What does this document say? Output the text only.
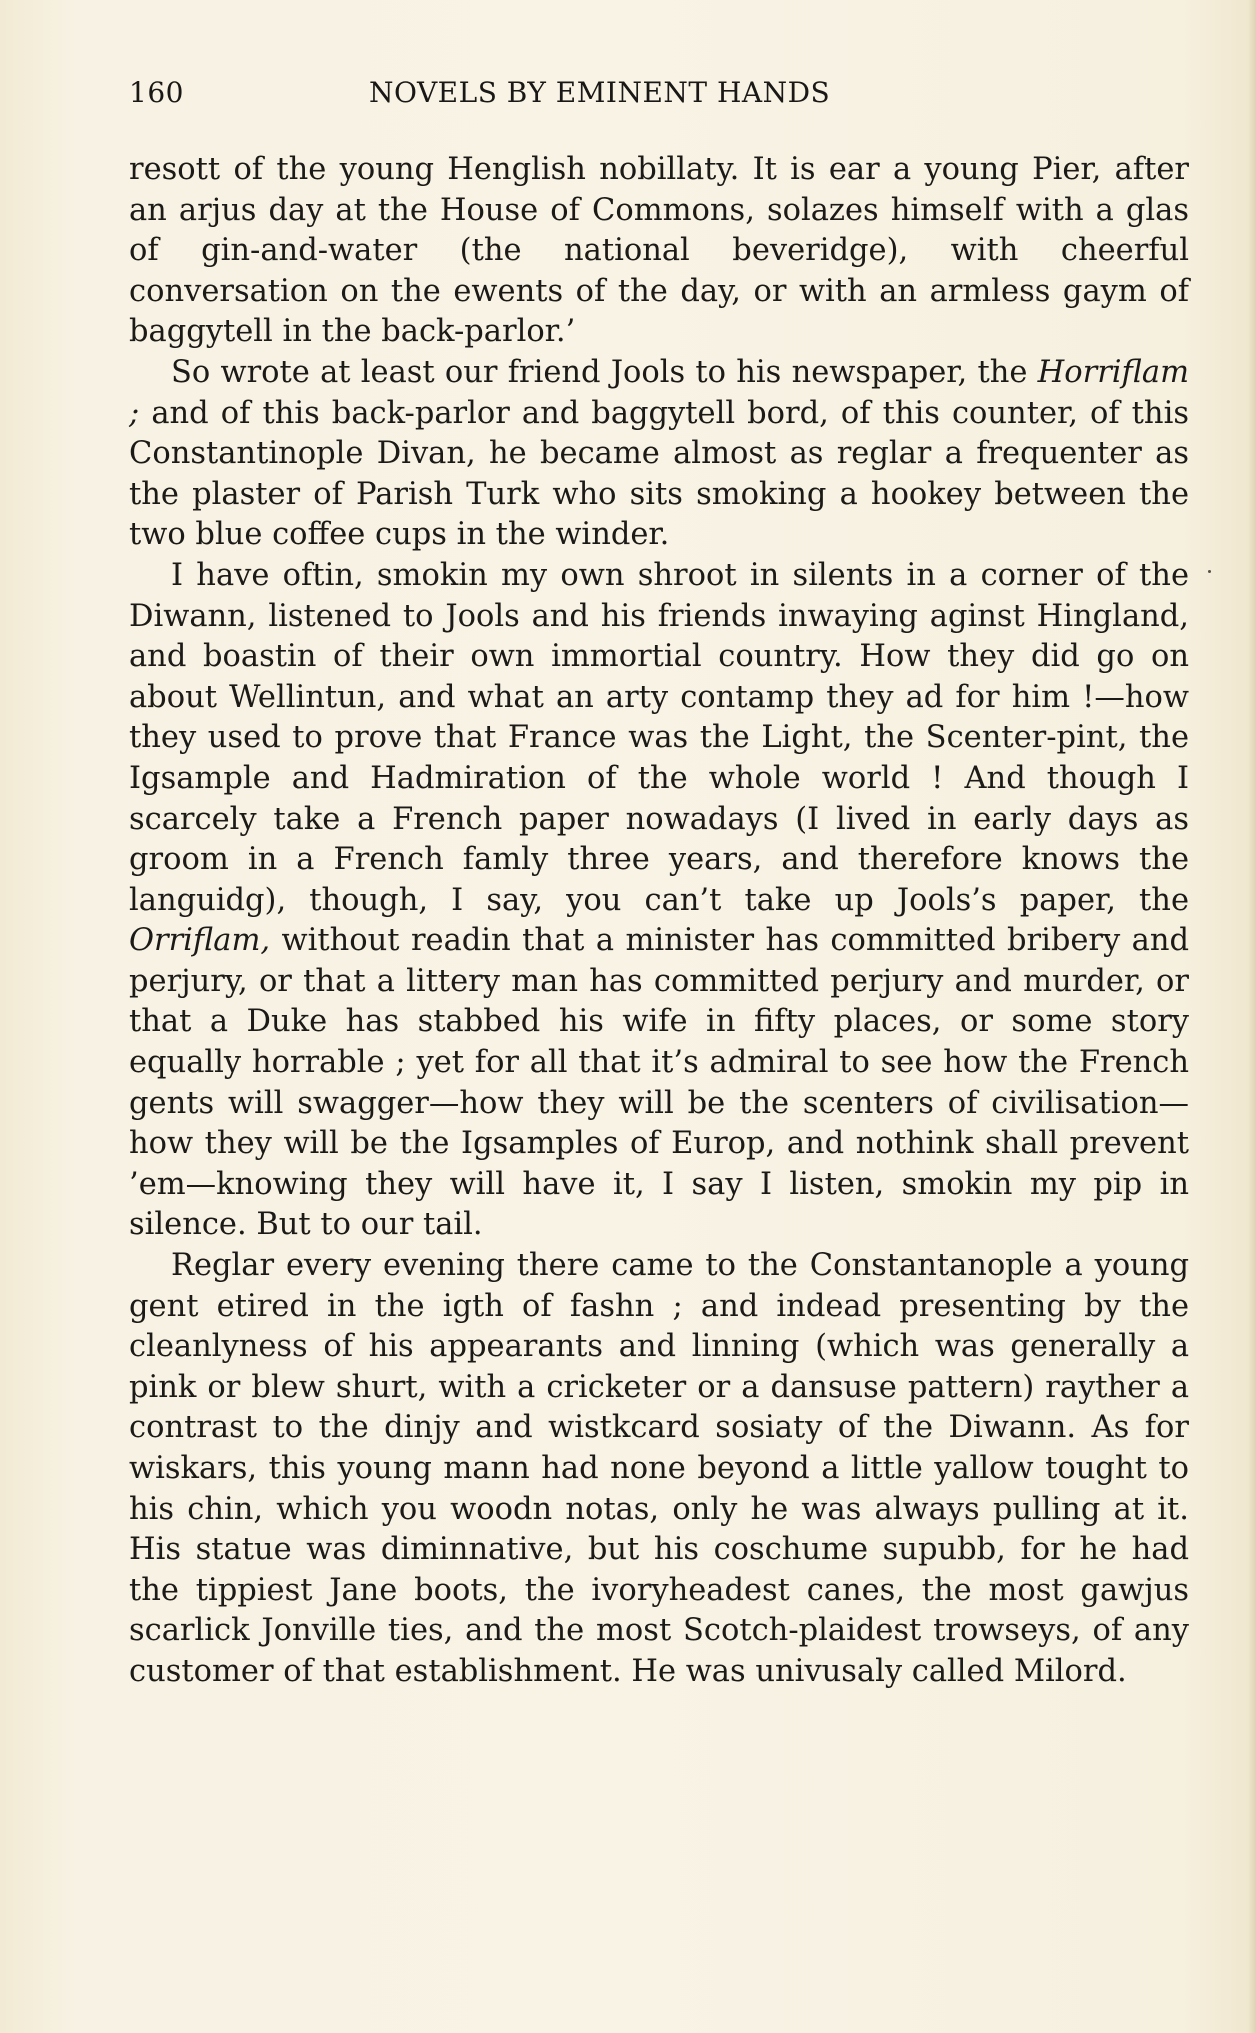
160	NOVELS BY EMINENT HANDS

resott of the young Henglish nobillaty. It is ear a young Pier, after an arjus day at the House of Commons, solazes himself with a glas of gin-and-water (the national beveridge), with cheerful conversation on the ewents of the day, or with an armless gaym of baggytell in the back-parlor.’

So wrote at least our friend Jools to his newspaper, the Horriflam ; and of this back-parlor and baggytell bord, of this counter, of this Constantinople Divan, he became almost as reglar a frequenter as the plaster of Parish Turk who sits smoking a hookey between the two blue coffee cups in the winder.

I have oftin, smokin my own shroot in silents in a corner of the Diwann, listened to Jools and his friends inwaying aginst Hingland, and boastin of their own immortial country. How they did go on about Wellintun, and what an arty contamp they ad for him !—how they used to prove that France was the Light, the Scenter-pint, the Igsample and Hadmiration of the whole world ! And though I scarcely take a French paper nowadays (I lived in early days as groom in a French famly three years, and therefore knows the languidg), though, I say, you can’t take up Jools’s paper, the Orriflam, without readin that a minister has committed bribery and perjury, or that a littery man has committed perjury and murder, or that a Duke has stabbed his wife in fifty places, or some story equally horrable ; yet for all that it’s admiral to see how the French gents will swagger—how they will be the scenters of civilisation—how they will be the Igsamples of Europ, and nothink shall prevent ’em—knowing they will have it, I say I listen, smokin my pip in silence. But to our tail.

Reglar every evening there came to the Constantanople a young gent etired in the igth of fashn ; and indead presenting by the cleanlyness of his appearants and linning (which was generally a pink or blew shurt, with a cricketer or a dansuse pattern) rayther a contrast to the dinjy and wistkcard sosiaty of the Diwann. As for wiskars, this young mann had none beyond a little yallow tought to his chin, which you woodn notas, only he was always pulling at it. His statue was diminnative, but his coschume supubb, for he had the tippiest Jane boots, the ivoryheadest canes, the most gawjus scarlick Jonville ties, and the most Scotch-plaidest trowseys, of any customer of that establishment. He was univusaly called Milord.
